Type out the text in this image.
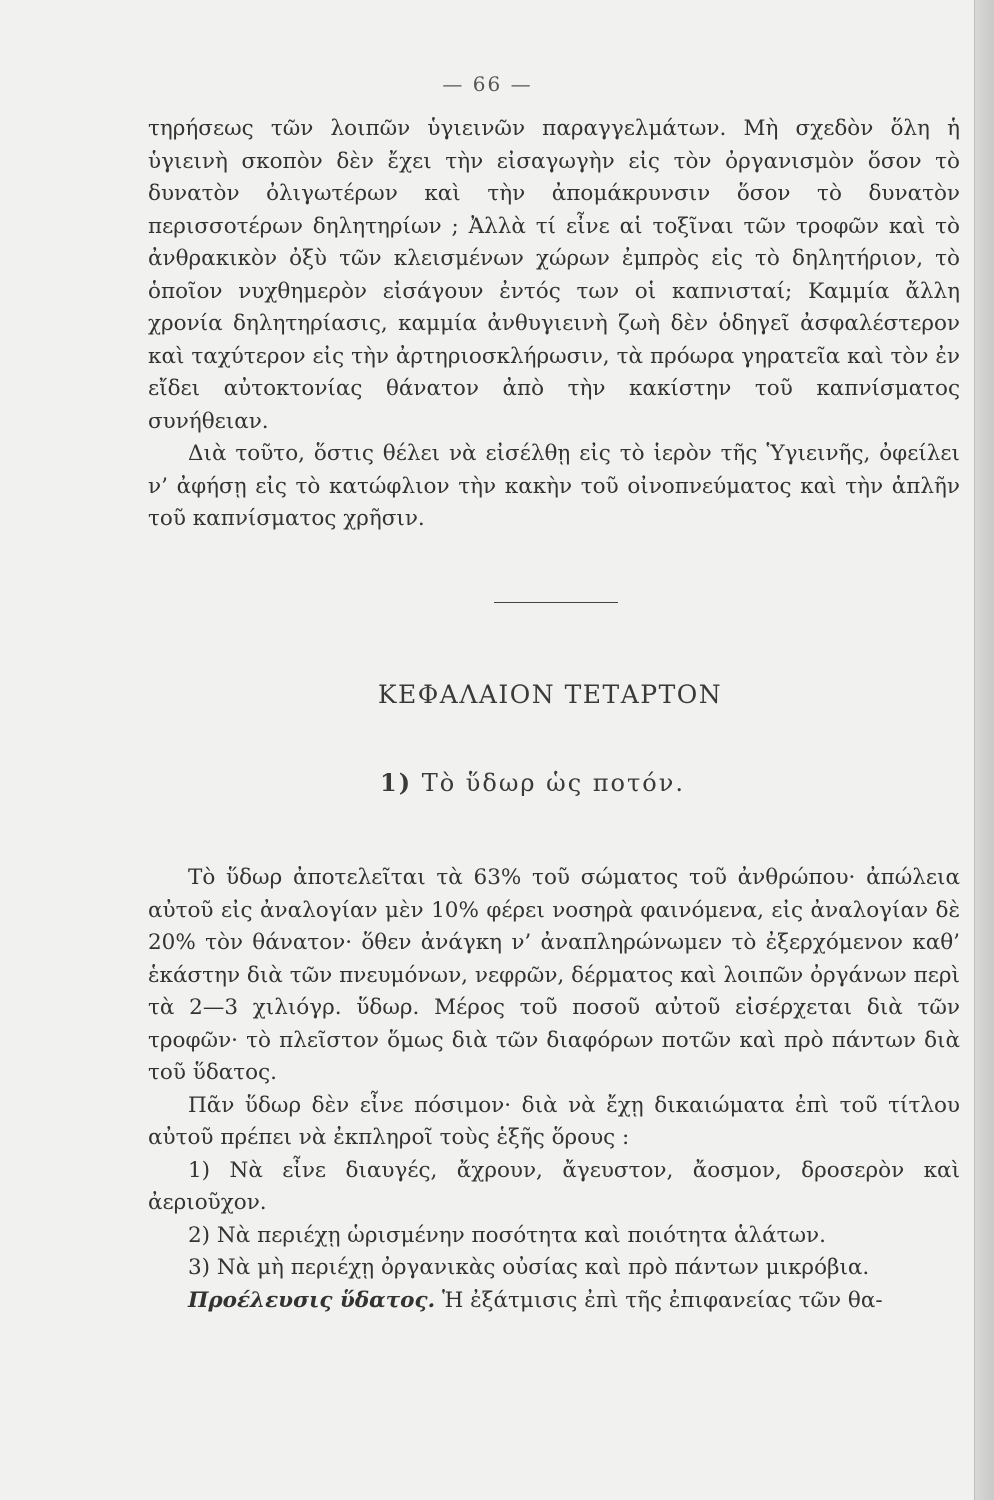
— 66 —

τηρήσεως τῶν λοιπῶν ὑγιεινῶν παραγγελμάτων. Μὴ σχεδὸν ὅλη ἡ ὑγιεινὴ σκοπὸν δὲν ἔχει τὴν εἰσαγωγὴν εἰς τὸν ὀργανισμὸν ὅσον τὸ δυνατὸν ὀλιγωτέρων καὶ τὴν ἀπομάκρυνσιν ὅσον τὸ δυνατὸν περισσοτέρων δηλητηρίων ; Ἀλλὰ τί εἶνε αἱ τοξῖναι τῶν τροφῶν καὶ τὸ ἀνθρακικὸν ὀξὺ τῶν κλεισμένων χώρων ἐμπρὸς εἰς τὸ δηλητήριον, τὸ ὁποῖον νυχθημερὸν εἰσάγουν ἐντός των οἱ καπνισταί; Καμμία ἄλλη χρονία δηλητηρίασις, καμμία ἀνθυγιεινὴ ζωὴ δὲν ὁδηγεῖ ἀσφαλέστερον καὶ ταχύτερον εἰς τὴν ἀρτηριοσκλήρωσιν, τὰ πρόωρα γηρατεῖα καὶ τὸν ἐν εἴδει αὐτοκτονίας θάνατον ἀπὸ τὴν κακίστην τοῦ καπνίσματος συνήθειαν.

Διὰ τοῦτο, ὅστις θέλει νὰ εἰσέλθῃ εἰς τὸ ἱερὸν τῆς Ὑγιεινῆς, ὀφείλει ν’ ἀφήσῃ εἰς τὸ κατώφλιον τὴν κακὴν τοῦ οἰνοπνεύματος καὶ τὴν ἁπλῆν τοῦ καπνίσματος χρῆσιν.

ΚΕΦΑΛΑΙΟΝ ΤΕΤΑΡΤΟΝ
1) Τὸ ὕδωρ ὡς ποτόν.

Τὸ ὕδωρ ἀποτελεῖται τὰ 63% τοῦ σώματος τοῦ ἀνθρώπου· ἀπώλεια αὐτοῦ εἰς ἀναλογίαν μὲν 10% φέρει νοσηρὰ φαινόμενα, εἰς ἀναλογίαν δὲ 20% τὸν θάνατον· ὅθεν ἀνάγκη ν’ ἀναπληρώνωμεν τὸ ἐξερχόμενον καθ’ ἑκάστην διὰ τῶν πνευμόνων, νεφρῶν, δέρματος καὶ λοιπῶν ὀργάνων περὶ τὰ 2—3 χιλιόγρ. ὕδωρ. Μέρος τοῦ ποσοῦ αὐτοῦ εἰσέρχεται διὰ τῶν τροφῶν· τὸ πλεῖστον ὅμως διὰ τῶν διαφόρων ποτῶν καὶ πρὸ πάντων διὰ τοῦ ὕδατος.

Πᾶν ὕδωρ δὲν εἶνε πόσιμον· διὰ νὰ ἔχῃ δικαιώματα ἐπὶ τοῦ τίτλου αὐτοῦ πρέπει νὰ ἐκπληροῖ τοὺς ἑξῆς ὅρους :

1) Νὰ εἶνε διαυγές, ἄχρουν, ἄγευστον, ἄοσμον, δροσερὸν καὶ ἀεριοῦχον.

2) Νὰ περιέχῃ ὡρισμένην ποσότητα καὶ ποιότητα ἁλάτων.

3) Νὰ μὴ περιέχῃ ὀργανικὰς οὐσίας καὶ πρὸ πάντων μικρόβια.

Προέλευσις ὕδατος. Ἡ ἐξάτμισις ἐπὶ τῆς ἐπιφανείας τῶν θα-
